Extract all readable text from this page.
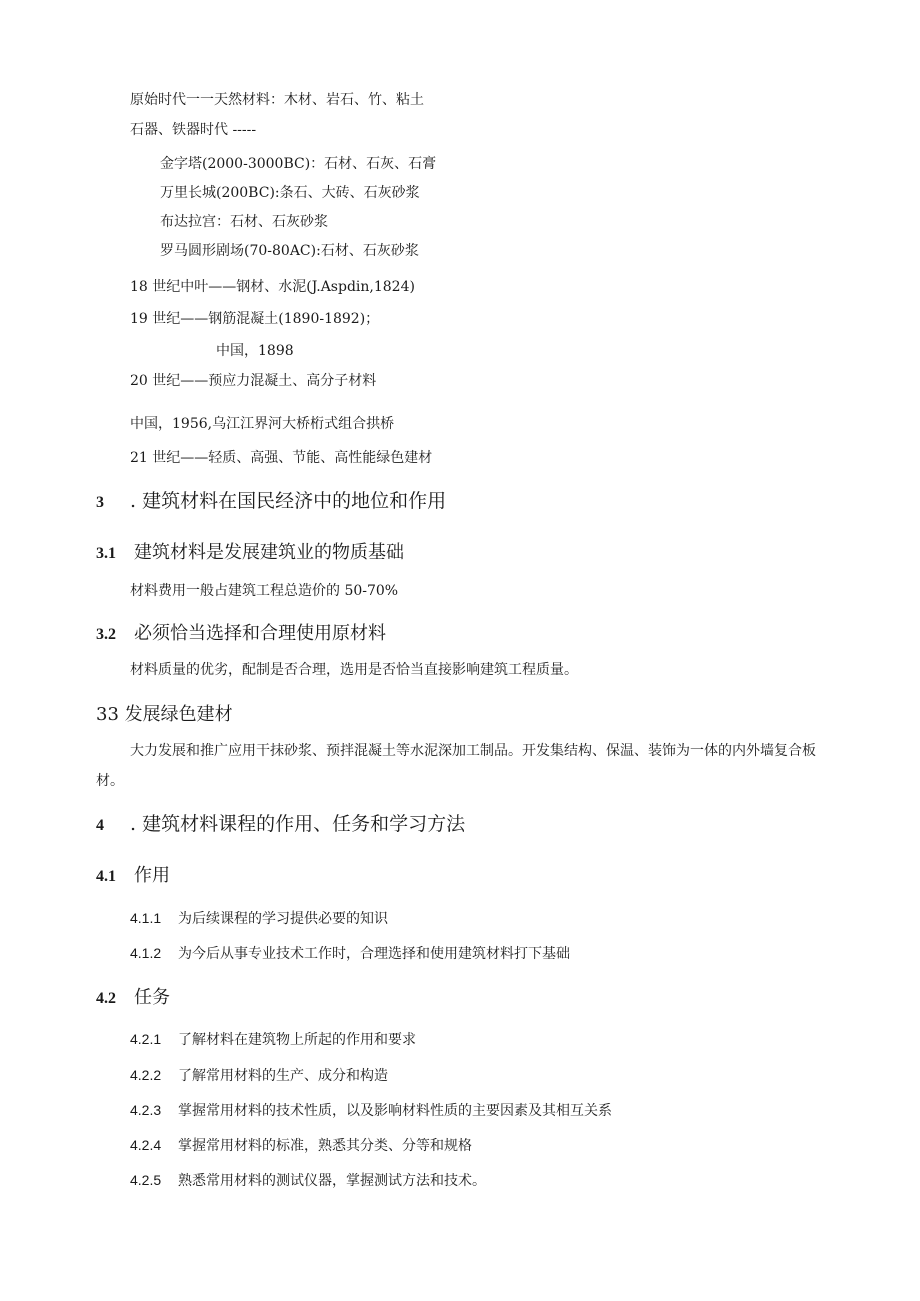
原始时代一一天然材料：木材、岩石、竹、粘土
石器、铁器时代 -----
金字塔(2000-3000BC)：石材、石灰、石膏
万里长城(200BC):条石、大砖、石灰砂浆
布达拉宫：石材、石灰砂浆
罗马圆形剧场(70-80AC):石材、石灰砂浆
18 世纪中叶——钢材、水泥(J.Aspdin,1824)
19 世纪——钢筋混凝土(1890-1892)；
中国，1898
20 世纪——预应力混凝土、高分子材料
中国，1956,乌江江界河大桥桁式组合拱桥
21 世纪——轻质、高强、节能、高性能绿色建材
3 . 建筑材料在国民经济中的地位和作用
3.1 建筑材料是发展建筑业的物质基础
材料费用一般占建筑工程总造价的 50-70%
3.2 必须恰当选择和合理使用原材料
材料质量的优劣，配制是否合理，选用是否恰当直接影响建筑工程质量。
33 发展绿色建材
大力发展和推广应用干抹砂浆、预拌混凝土等水泥深加工制品。开发集结构、保温、装饰为一体的内外墙复合板材。
4 . 建筑材料课程的作用、任务和学习方法
4.1 作用
4.1.1 为后续课程的学习提供必要的知识
4.1.2 为今后从事专业技术工作时，合理选择和使用建筑材料打下基础
4.2 任务
4.2.1 了解材料在建筑物上所起的作用和要求
4.2.2 了解常用材料的生产、成分和构造
4.2.3 掌握常用材料的技术性质，以及影响材料性质的主要因素及其相互关系
4.2.4 掌握常用材料的标准，熟悉其分类、分等和规格
4.2.5 熟悉常用材料的测试仪器，掌握测试方法和技术。
